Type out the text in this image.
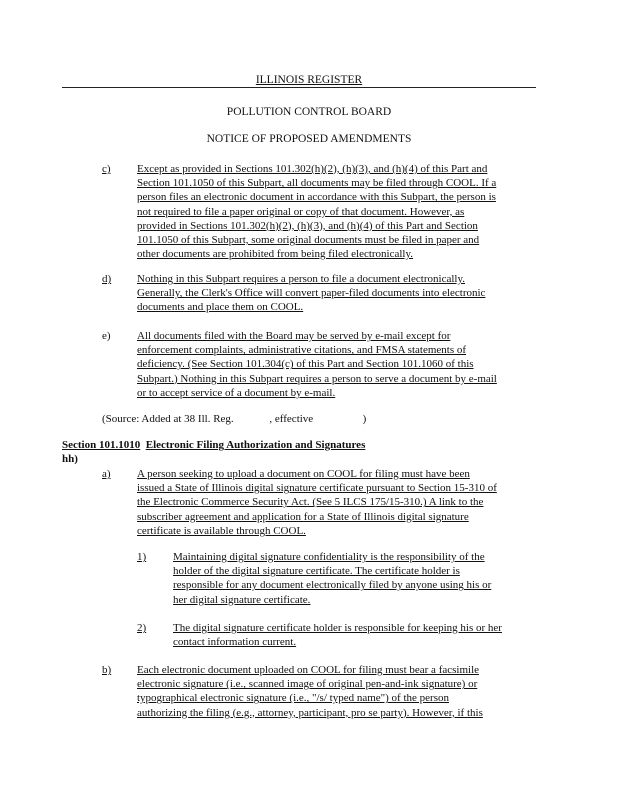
ILLINOIS REGISTER
POLLUTION CONTROL BOARD
NOTICE OF PROPOSED AMENDMENTS
c) Except as provided in Sections 101.302(h)(2), (h)(3), and (h)(4) of this Part and
Section 101.1050 of this Subpart, all documents may be filed through COOL. If a
person files an electronic document in accordance with this Subpart, the person is
not required to file a paper original or copy of that document. However, as
provided in Sections 101.302(h)(2), (h)(3), and (h)(4) of this Part and Section
101.1050 of this Subpart, some original documents must be filed in paper and
other documents are prohibited from being filed electronically.
d) Nothing in this Subpart requires a person to file a document electronically.
Generally, the Clerk's Office will convert paper-filed documents into electronic
documents and place them on COOL.
e) All documents filed with the Board may be served by e-mail except for
enforcement complaints, administrative citations, and FMSA statements of
deficiency. (See Section 101.304(c) of this Part and Section 101.1060 of this
Subpart.) Nothing in this Subpart requires a person to serve a document by e-mail
or to accept service of a document by e-mail.
(Source: Added at 38 Ill. Reg.             , effective                  )
Section 101.1010 Electronic Filing Authorization and Signatures
hh)
a) A person seeking to upload a document on COOL for filing must have been
issued a State of Illinois digital signature certificate pursuant to Section 15-310 of
the Electronic Commerce Security Act. (See 5 ILCS 175/15-310.) A link to the
subscriber agreement and application for a State of Illinois digital signature
certificate is available through COOL.
1) Maintaining digital signature confidentiality is the responsibility of the
holder of the digital signature certificate. The certificate holder is
responsible for any document electronically filed by anyone using his or
her digital signature certificate.
2) The digital signature certificate holder is responsible for keeping his or her
contact information current.
b) Each electronic document uploaded on COOL for filing must bear a facsimile
electronic signature (i.e., scanned image of original pen-and-ink signature) or
typographical electronic signature (i.e., "/s/ typed name") of the person
authorizing the filing (e.g., attorney, participant, pro se party). However, if this
